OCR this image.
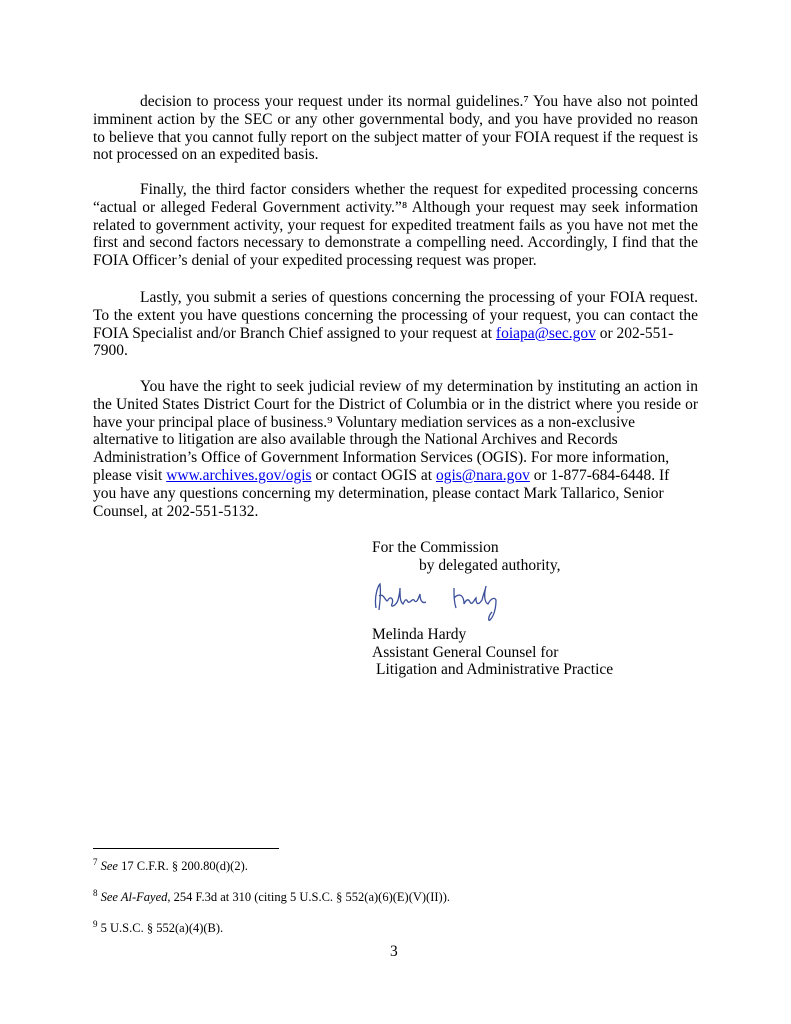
decision to process your request under its normal guidelines.⁷ You have also not pointed
imminent action by the SEC or any other governmental body, and you have provided no reason
to believe that you cannot fully report on the subject matter of your FOIA request if the request is
not processed on an expedited basis.
Finally, the third factor considers whether the request for expedited processing concerns
“actual or alleged Federal Government activity.”⁸ Although your request may seek information
related to government activity, your request for expedited treatment fails as you have not met the
first and second factors necessary to demonstrate a compelling need. Accordingly, I find that the
FOIA Officer’s denial of your expedited processing request was proper.
Lastly, you submit a series of questions concerning the processing of your FOIA request.
To the extent you have questions concerning the processing of your request, you can contact the
FOIA Specialist and/or Branch Chief assigned to your request at foiapa@sec.gov or 202-551-
7900.
You have the right to seek judicial review of my determination by instituting an action in
the United States District Court for the District of Columbia or in the district where you reside or
have your principal place of business.⁹ Voluntary mediation services as a non-exclusive
alternative to litigation are also available through the National Archives and Records
Administration’s Office of Government Information Services (OGIS). For more information,
please visit www.archives.gov/ogis or contact OGIS at ogis@nara.gov or 1-877-684-6448. If
you have any questions concerning my determination, please contact Mark Tallarico, Senior
Counsel, at 202-551-5132.
For the Commission
by delegated authority,
Melinda Hardy
Assistant General Counsel for
Litigation and Administrative Practice
$^7$ See 17 C.F.R. § 200.80(d)(2).
$^8$ See Al-Fayed, 254 F.3d at 310 (citing 5 U.S.C. § 552(a)(6)(E)(V)(II)).
$^9$ 5 U.S.C. § 552(a)(4)(B).
3
